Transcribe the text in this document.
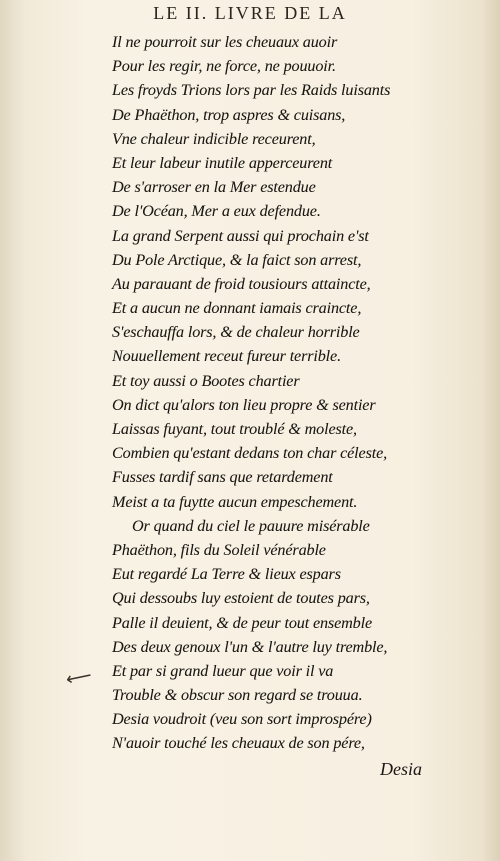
LE II. LIVRE DE LA
Il ne pourroit sur les cheuaux auoir
Pour les regir, ne force, ne pouuoir.
Les froyds Trions lors par les Raids luisants
De Phaëthon, trop aspres & cuisans,
Vne chaleur indicible receurent,
Et leur labeur inutile apperceurent
De s'arroser en la Mer estendue
De l'Océan, Mer a eux defendue.
La grand Serpent aussi qui prochain e'st
Du Pole Arctique, & la faict son arrest,
Au parauant de froid tousiours attaincte,
Et a aucun ne donnant iamais craincte,
S'eschauffa lors, & de chaleur horrible
Nouuellement receut fureur terrible.
Et toy aussi o Bootes chartier
On dict qu'alors ton lieu propre & sentier
Laissas fuyant, tout troublé & moleste,
Combien qu'estant dedans ton char céleste,
Fusses tardif sans que retardement
Meist a ta fuytte aucun empeschement.
Or quand du ciel le pauure misérable
Phaëthon, fils du Soleil vénérable
Eut regardé La Terre & lieux espars
Qui dessoubs luy estoient de toutes pars,
Palle il deuient, & de peur tout ensemble
Des deux genoux l'un & l'autre luy tremble,
Et par si grand lueur que voir il va
Trouble & obscur son regard se trouua.
Desia voudroit (veu son sort improspére)
N'auoir touché les cheuaux de son pére,
Desia
⟵
